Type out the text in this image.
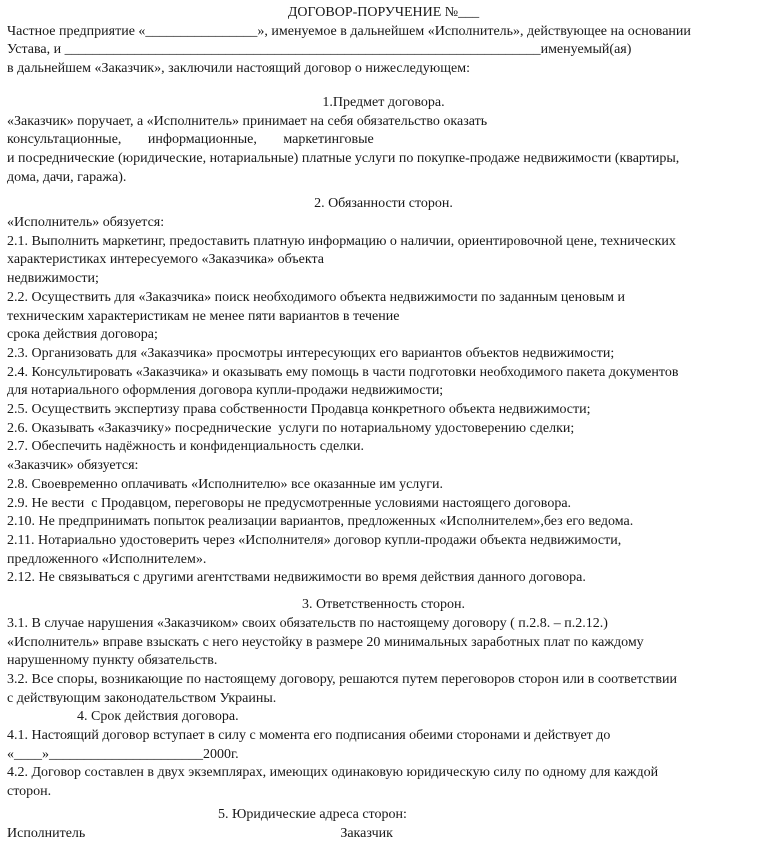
ДОГОВОР-ПОРУЧЕНИЕ №___
Частное предприятие «________________», именуемое в дальнейшем «Исполнитель», действующее на основании
Устава, и ____________________________________________________________________именуемый(ая)
в дальнейшем «Заказчик», заключили настоящий договор о нижеследующем:
1.Предмет договора.
«Заказчик» поручает, а «Исполнитель» принимает на себя обязательство оказать
консультационные, информационные, маркетинговые
и посреднические (юридические, нотариальные) платные услуги по покупке-продаже недвижимости (квартиры,
дома, дачи, гаража).
2. Обязанности сторон.
«Исполнитель» обязуется:
2.1. Выполнить маркетинг, предоставить платную информацию о наличии, ориентировочной цене, технических
характеристиках интересуемого «Заказчика» объекта
недвижимости;
2.2. Осуществить для «Заказчика» поиск необходимого объекта недвижимости по заданным ценовым и
техническим характеристикам не менее пяти вариантов в течение
срока действия договора;
2.3. Организовать для «Заказчика» просмотры интересующих его вариантов объектов недвижимости;
2.4. Консультировать «Заказчика» и оказывать ему помощь в части подготовки необходимого пакета документов
для нотариального оформления договора купли-продажи недвижимости;
2.5. Осуществить экспертизу права собственности Продавца конкретного объекта недвижимости;
2.6. Оказывать «Заказчику» посреднические  услуги по нотариальному удостоверению сделки;
2.7. Обеспечить надёжность и конфиденциальность сделки.
«Заказчик» обязуется:
2.8. Своевременно оплачивать «Исполнителю» все оказанные им услуги.
2.9. Не вести  с Продавцом, переговоры не предусмотренные условиями настоящего договора.
2.10. Не предпринимать попыток реализации вариантов, предложенных «Исполнителем»,без его ведома.
2.11. Нотариально удостоверить через «Исполнителя» договор купли-продажи объекта недвижимости,
предложенного «Исполнителем».
2.12. Не связываться с другими агентствами недвижимости во время действия данного договора.
3. Ответственность сторон.
3.1. В случае нарушения «Заказчиком» своих обязательств по настоящему договору ( п.2.8. – п.2.12.)
«Исполнитель» вправе взыскать с него неустойку в размере 20 минимальных заработных плат по каждому
нарушенному пункту обязательств.
3.2. Все споры, возникающие по настоящему договору, решаются путем переговоров сторон или в соответствии
с действующим законодательством Украины.
4. Срок действия договора.
4.1. Настоящий договор вступает в силу с момента его подписания обеими сторонами и действует до
«____»______________________2000г.
4.2. Договор составлен в двух экземплярах, имеющих одинаковую юридическую силу по одному для каждой
сторон.
5. Юридические адреса сторон:
Исполнитель	Заказчик
